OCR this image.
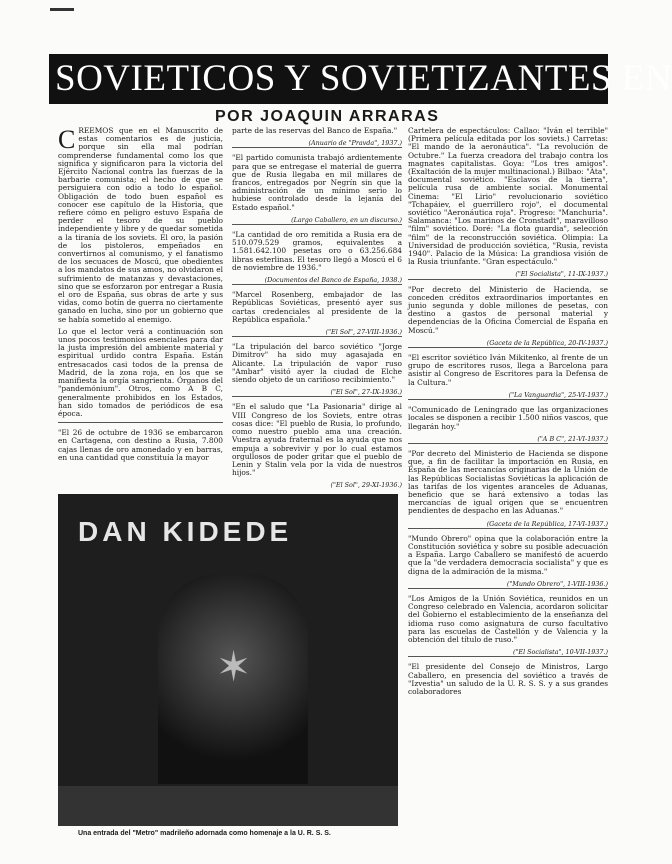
SOVIETICOS Y SOVIETIZANTES EN
POR JOAQUIN ARRARAS

CREEMOS que en el Manuscrito de estas comentarios es de justicia, porque sin ella mal podrían comprenderse fundamental como los que significa y significaron para la victoria del Ejército Nacional contra las fuerzas de la barbarie comunista; el hecho de que se persiguiera con odio a todo lo español. Obligación de todo buen español es conocer ese capítulo de la Historia, que refiere cómo en peligro estuvo España de perder el tesoro de su pueblo independiente y libre y de quedar sometida a la tiranía de los soviets. El oro, la pasión de los pistoleros, empeñados en convertirnos al comunismo, y el fanatismo de los secuaces de Moscú, que obedientes a los mandatos de sus amos, no olvidaron el sufrimiento de matanzas y devastaciones, sino que se esforzaron por entregar a Rusia el oro de España, sus obras de arte y sus vidas, como botín de guerra no ciertamente ganado en lucha, sino por un gobierno que se había sometido al enemigo.

Lo que el lector verá a continuación son unos pocos testimonios esenciales para dar la justa impresión del ambiente material y espiritual urdido contra España. Están entresacados casi todos de la prensa de Madrid, de la zona roja, en los que se manifiesta la orgía sangrienta. Órganos del "pandemónium". Otros, como A B C, generalmente prohibidos en los Estados, han sido tomados de periódicos de esa época.

"El 26 de octubre de 1936 se embarcaron en Cartagena, con destino a Rusia, 7.800 cajas llenas de oro amonedado y en barras, en una cantidad que constituía la mayor

parte de las reservas del Banco de España."

(Anuario de "Pravda", 1937.)

"El partido comunista trabajó ardientemente para que se entregase el material de guerra que de Rusia llegaba en mil millares de francos, entregados por Negrín sin que la administración de un mínimo serio lo hubiese controlado desde la lejanía del Estado español."

(Largo Caballero, en un discurso.)

"La cantidad de oro remitida a Rusia era de 510.079.529 gramos, equivalentes a 1.581.642.100 pesetas oro o 63.256.684 libras esterlinas. El tesoro llegó a Moscú el 6 de noviembre de 1936."

(Documentos del Banco de España, 1938.)

"Marcel Rosenberg, embajador de las Repúblicas Soviéticas, presentó ayer sus cartas credenciales al presidente de la República española."

("El Sol", 27-VIII-1936.)

"La tripulación del barco soviético "Jorge Dimitrov" ha sido muy agasajada en Alicante. La tripulación de vapor ruso "Ambar" visitó ayer la ciudad de Elche siendo objeto de un cariñoso recibimiento."

("El Sol", 27-IX-1936.)

"En el saludo que "La Pasionaria" dirige al VIII Congreso de los Soviets, entre otras cosas dice: "El pueblo de Rusia, lo profundo, como nuestro pueblo ama una creación. Vuestra ayuda fraternal es la ayuda que nos empuja a sobrevivir y por lo cual estamos orgullosos de poder gritar que el pueblo de Lenin y Stalin vela por la vida de nuestros hijos."

("El Sol", 29-XI-1936.)

Cartelera de espectáculos: Callao: "Iván el terrible" (Primera película editada por los soviets.) Carretas: "El mando de la aeronáutica". "La revolución de Octubre." La fuerza creadora del trabajo contra los magnates capitalistas. Goya: "Los tres amigos". (Exaltación de la mujer multinacional.) Bilbao: "Ata", documental soviético. "Esclavos de la tierra", película rusa de ambiente social. Monumental Cinema: "El Lirio" revolucionario soviético "Tchapáiev, el guerrillero rojo", el documental soviético "Aeronáutica roja". Progreso: "Manchuria". Salamanca: "Los marinos de Cronstadt", maravilloso "film" soviético. Doré: "La flota guardia", selección "film" de la reconstrucción soviética. Olimpia: La Universidad de producción soviética, "Rusia, revista 1940". Palacio de la Música: La grandiosa visión de la Rusia triunfante. "Gran espectáculo."

("El Socialista", 11-IX-1937.)

"Por decreto del Ministerio de Hacienda, se conceden créditos extraordinarios importantes en junio segunda y doble millones de pesetas, con destino a gastos de personal material y dependencias de la Oficina Comercial de España en Moscú."

(Gaceta de la República, 20-IV-1937.)

"El escritor soviético Iván Mikitenko, al frente de un grupo de escritores rusos, llega a Barcelona para asistir al Congreso de Escritores para la Defensa de la Cultura."

("La Vanguardia", 25-VI-1937.)

"Comunicado de Leningrado que las organizaciones locales se disponen a recibir 1.500 niños vascos, que llegarán hoy."

("A B C", 21-VI-1937.)

"Por decreto del Ministerio de Hacienda se dispone que, a fin de facilitar la importación en Rusia, en España de las mercancías originarias de la Unión de las Repúblicas Socialistas Soviéticas la aplicación de las tarifas de los vigentes aranceles de Aduanas, beneficio que se hará extensivo a todas las mercancías de igual origen que se encuentren pendientes de despacho en las Aduanas."

(Gaceta de la República, 17-VI-1937.)

"Mundo Obrero" opina que la colaboración entre la Constitución soviética y sobre su posible adecuación a España. Largo Caballero se manifestó de acuerdo que la "de verdadera democracia socialista" y que es digna de la admiración de la misma."

("Mundo Obrero", 1-VIII-1936.)

"Los Amigos de la Unión Soviética, reunidos en un Congreso celebrado en Valencia, acordaron solicitar del Gobierno el establecimiento de la enseñanza del idioma ruso como asignatura de curso facultativo para las escuelas de Castellón y de Valencia y la obtención del título de ruso."

("El Socialista", 10-VII-1937.)

"El presidente del Consejo de Ministros, Largo Caballero, en presencia del soviético a través de "Izvestia" un saludo de la U. R. S. S. y a sus grandes colaboradores

DAN KIDEDE
✶
Una entrada del "Metro" madrileño adornada como homenaje a la U. R. S. S.
